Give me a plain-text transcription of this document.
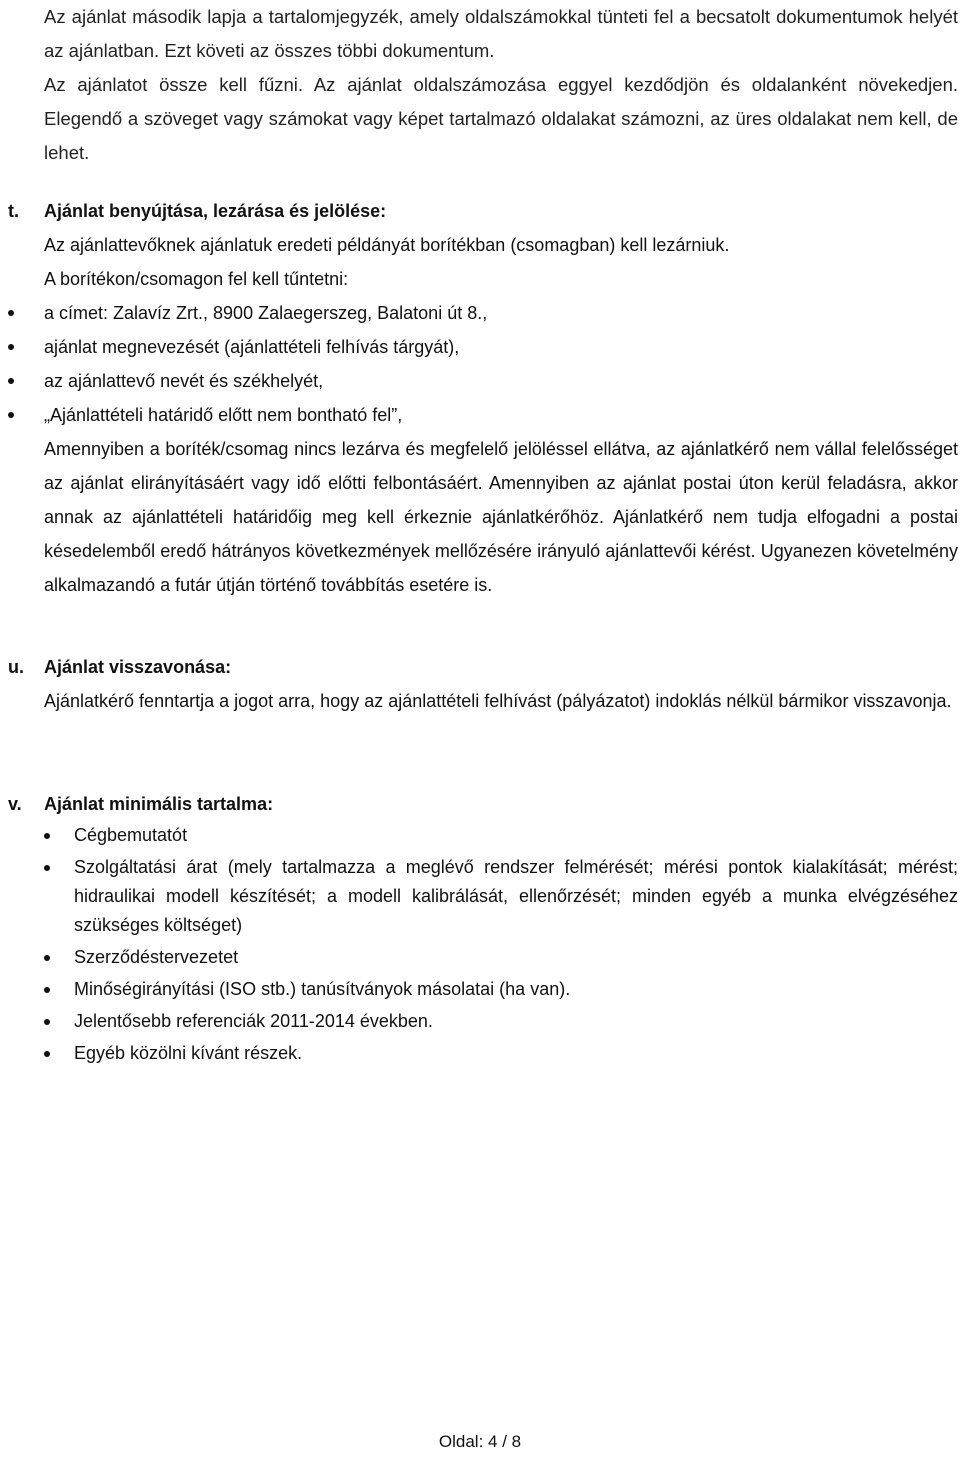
Az ajánlat második lapja a tartalomjegyzék, amely oldalszámokkal tünteti fel a becsatolt dokumentumok helyét az ajánlatban. Ezt követi az összes többi dokumentum.

Az ajánlatot össze kell fűzni. Az ajánlat oldalszámozása eggyel kezdődjön és oldalanként növekedjen. Elegendő a szöveget vagy számokat vagy képet tartalmazó oldalakat számozni, az üres oldalakat nem kell, de lehet.

t. Ajánlat benyújtása, lezárása és jelölése:

Az ajánlattevőknek ajánlatuk eredeti példányát borítékban (csomagban) kell lezárniuk.

A borítékon/csomagon fel kell tűntetni:

a címet: Zalavíz Zrt., 8900 Zalaegerszeg, Balatoni út 8.,
ajánlat megnevezését (ajánlattételi felhívás tárgyát),
az ajánlattevő nevét és székhelyét,
„Ajánlattételi határidő előtt nem bontható fel”,

Amennyiben a boríték/csomag nincs lezárva és megfelelő jelöléssel ellátva, az ajánlatkérő nem vállal felelősséget az ajánlat elirányításáért vagy idő előtti felbontásáért. Amennyiben az ajánlat postai úton kerül feladásra, akkor annak az ajánlattételi határidőig meg kell érkeznie ajánlatkérőhöz. Ajánlatkérő nem tudja elfogadni a postai késedelemből eredő hátrányos következmények mellőzésére irányuló ajánlattevői kérést. Ugyanezen követelmény alkalmazandó a futár útján történő továbbítás esetére is.

u. Ajánlat visszavonása:

Ajánlatkérő fenntartja a jogot arra, hogy az ajánlattételi felhívást (pályázatot) indoklás nélkül bármikor visszavonja.

v. Ajánlat minimális tartalma:
Cégbemutatót
Szolgáltatási árat (mely tartalmazza a meglévő rendszer felmérését; mérési pontok kialakítását; mérést; hidraulikai modell készítését; a modell kalibrálását, ellenőrzését; minden egyéb a munka elvégzéséhez szükséges költséget)
Szerződéstervezetet
Minőségirányítási (ISO stb.) tanúsítványok másolatai (ha van).
Jelentősebb referenciák 2011-2014 években.
Egyéb közölni kívánt részek.
Oldal: 4 / 8
